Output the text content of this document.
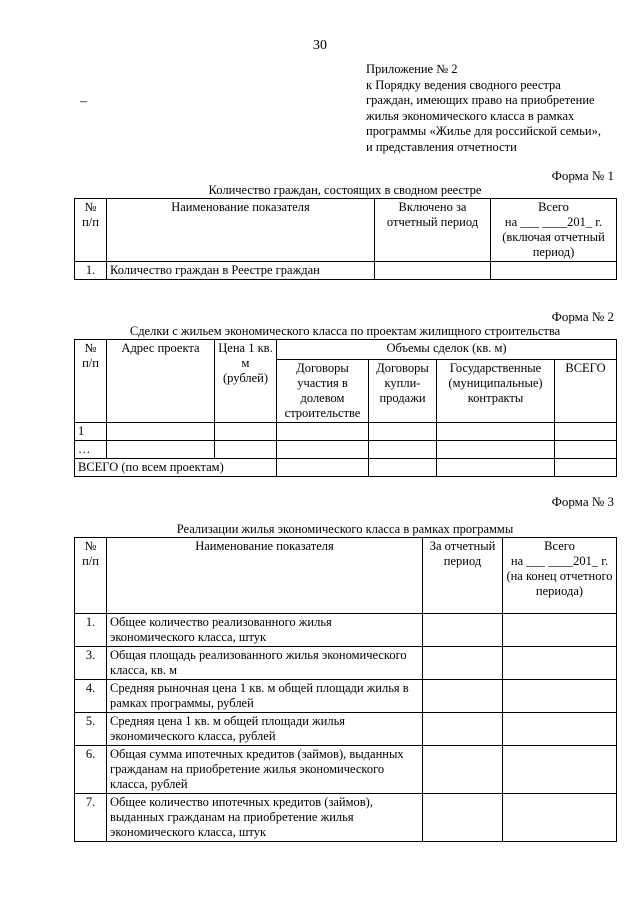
30
–
Приложение № 2
к Порядку ведения сводного реестра
граждан, имеющих право на приобретение
жилья экономического класса в рамках
программы «Жилье для российской семьи»,
и представления отчетности
Форма № 1
Количество граждан, состоящих в сводном реестре
№ п/п	Наименование показателя	Включено за отчетный период	Всего
на ___ ____201_ г.
(включая отчетный период)

1.	Количество граждан в Реестре граждан		
Форма № 2
Сделки с жильем экономического класса по проектам жилищного строительства
№ п/п	Адрес проекта	Цена 1 кв. м (рублей)	Объемы сделок (кв. м)			
			Договоры участия в долевом строительстве	Договоры купли-продажи	Государственные (муниципальные) контракты	ВСЕГО
1						
…						
ВСЕГО (по всем проектам)						
Форма № 3
Реализации жилья экономического класса в рамках программы
№ п/п	Наименование показателя	За отчетный период	Всего
на ___ ____201_ г.
(на конец отчетного периода)

1.	Общее количество реализованного жилья экономического класса, штук		
3.	Общая площадь реализованного жилья экономического класса, кв. м		
4.	Средняя рыночная цена 1 кв. м общей площади жилья в рамках программы, рублей		
5.	Средняя цена 1 кв. м общей площади жилья экономического класса, рублей		
6.	Общая сумма ипотечных кредитов (займов), выданных гражданам на приобретение жилья экономического класса, рублей		
7.	Общее количество ипотечных кредитов (займов), выданных гражданам на приобретение жилья экономического класса, штук		
